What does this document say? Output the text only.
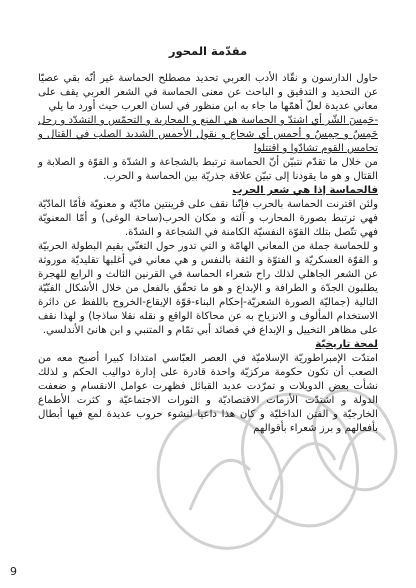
مقدّمة المحور

حاول الدارسون و نقّاد الأدب العربي تحديد مصطلح الحماسة غير أنّه بقي عصيّا عن التحديد و التدقيق و الباحث عن معنى الحماسة في الشعر العربي يقف على معاني عديدة لعلّ أهمّها ما جاء به ابن منظور في لسان العرب حيث أورد ما يلي

-حَمِسَ الشّر أي اشتدّ و الحماسة هي المنع و المحاربة و التحمّس و التشدّد و رجل حَمِسٌ و حِمِسٌ و أحمس أي شجاع و نقول الأحمس الشديد الصلب في القتال و تحامس القوم تشادّوا و اقتتلوا

من خلال ما تقدّم نتبيّن أنّ الحماسة ترتبط بالشجاعة و الشدّة و القوّة و الصلابة و القتال و هو ما يقودنا إلى تبيّن علاقة جذريّة بين الحماسة و الحرب.

فالحماسة إذا هي شعر الحرب

ولئن اقترنت الحماسة بالحرب فإنّنا نقف على قرينتين مادّيّة و معنويّة فأمّا المادّيّة فهي ترتبط بصورة المحارب و آلته و مكان الحرب(ساحة الوغى) و أمّا المعنويّة فهي تتّصل بتلك القوّة النفسيّة الكامنة في الشجاعة و الشدّة.

و للحماسة جملة من المعاني الهامّة و التي تدور حول التغنّي بقيم البطولة الحربيّة و القوّة العسكريّة و الفتوّة و الثقة بالنفس و هي معاني في أغلبها تقليديّة موروثة عن الشعر الجاهلي لذلك راح شعراء الحماسة في القرنين الثالث و الرابع للهجرة يطلبون الجدّة و الطرافة و الإبداع و هو ما تحقّق بالفعل من خلال الأشكال الفنّيّة التالية (جماليّة الصورة الشعريّة-إحكام البناء-قوّة الإيقاع-الخروج باللفظ عن دائرة الاستخدام المألوف و الانزياح به عن محاكاة الواقع و نقله نقلا ساذجا) و لهذا نقف على مظاهر التخييل و الإبداع في قصائد أبي تمّام و المتنبي و ابن هانئ الأندلسي.

لمحة تاريخيّة

امتدّت الإمبراطوريّة الإسلاميّة في العصر العبّاسي امتدادا كبيرا أصبح معه من الصعب أن تكون حكومة مركزيّة واحدة قادرة على إدارة دواليب الحكم و لذلك نشأت بعض الدويلات و تمرّدت عديد القبائل فظهرت عوامل الانقسام و ضعفت الدولة و اشتدّت الأزمات الاقتصاديّة و الثورات الاجتماعيّة و كثرت الأطماع الخارجيّة و الفتن الداخليّة و كان هذا داعيا لنشوء حروب عديدة لمع فيها أبطال بأفعالهم و برز شعراء بأقوالهم

9
